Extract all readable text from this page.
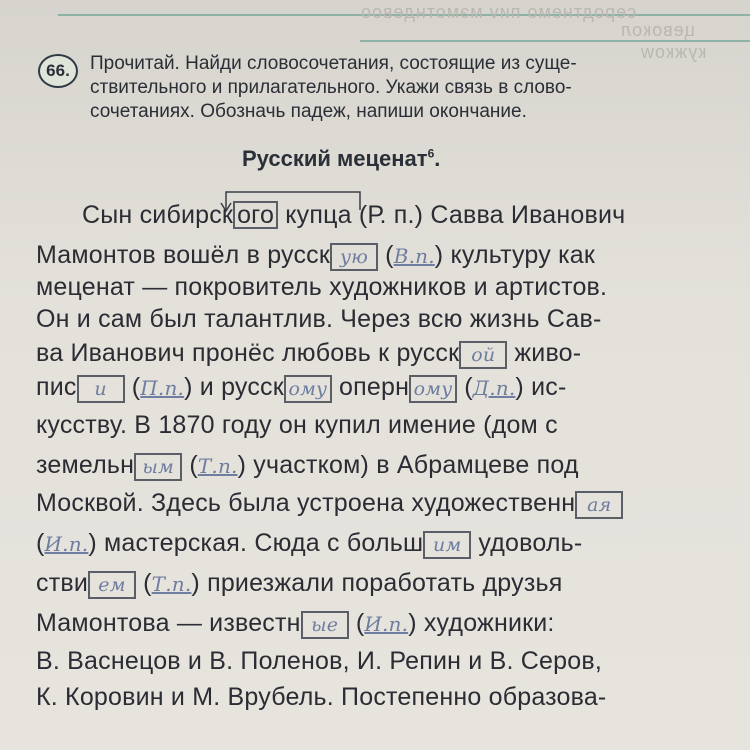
серодтнемо пиv мэмотндевоо
цевокол
кужкоw
66.	Прочитай. Найди словосочетания, состоящие из суще-
ствительного и прилагательного. Укажи связь в слово-
сочетаниях. Обозначь падеж, напиши окончание.
Русский меценат$^6$.
Сын сибирск ого купца (Р. п.) Савва Иванович
Мамонтов вошёл в русск ую (В.п.) культуру как
меценат — покровитель художников и артистов.
Он и сам был талантлив. Через всю жизнь Сав-
ва Иванович пронёс любовь к русск ой живо-
пис и (П.п.) и русск ому оперн ому (Д.п.) ис-
кусству. В 1870 году он купил имение (дом с
земельн ым (Т.п.) участком) в Абрамцеве под
Москвой. Здесь была устроена художественн ая
(И.п.) мастерская. Сюда с больш им удоволь-
стви ем (Т.п.) приезжали поработать друзья
Мамонтова — известн ые (И.п.) художники:
В. Васнецов и В. Поленов, И. Репин и В. Серов,
К. Коровин и М. Врубель. Постепенно образова-
